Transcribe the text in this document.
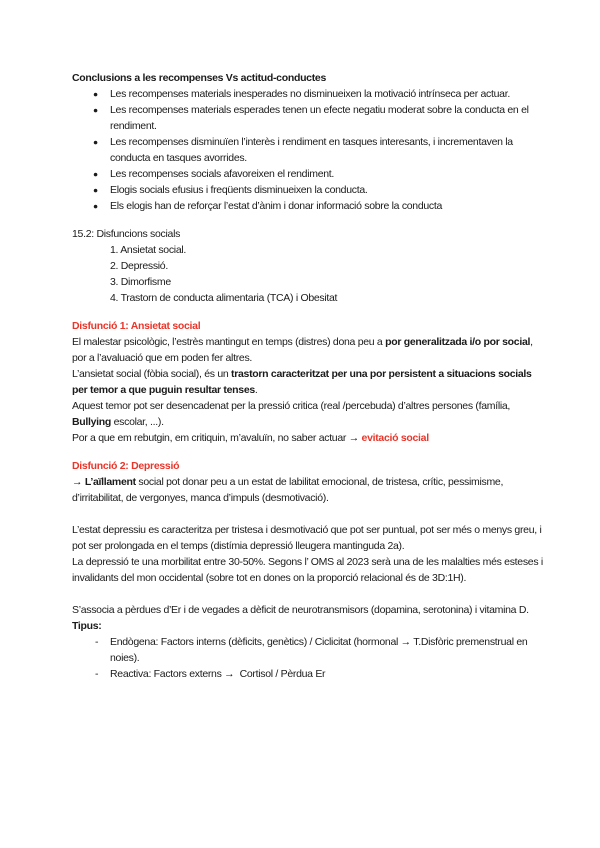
Conclusions a les recompenses Vs actitud-conductes
● Les recompenses materials inesperades no disminueixen la motivació intrínseca per actuar.
● Les recompenses materials esperades tenen un efecte negatiu moderat sobre la conducta en el rendiment.
● Les recompenses disminuïen l’interès i rendiment en tasques interesants, i incrementaven la conducta en tasques avorrides.
● Les recompenses socials afavoreixen el rendiment.
● Elogis socials efusius i freqüents disminueixen la conducta.
● Els elogis han de reforçar l’estat d’ànim i donar informació sobre la conducta

15.2: Disfuncions socials

1. Ansietat social.
2. Depressió.
3. Dimorfisme
4. Trastorn de conducta alimentaria (TCA) i Obesitat
Disfunció 1: Ansietat social

El malestar psicològic, l’estrès mantingut en temps (distres) dona peu a por generalitzada i/o por social, por a l’avaluació que em poden fer altres.

L’ansietat social (fòbia social), és un trastorn caracteritzat per una por persistent a situacions socials per temor a que puguin resultar tenses.

Aquest temor pot ser desencadenat per la pressió critica (real /percebuda) d’altres persones (família, Bullying escolar, ...).

Por a que em rebutgin, em critiquin, m’avaluïn, no saber actuar → evitació social

Disfunció 2: Depressió

→ L’aïllament social pot donar peu a un estat de labilitat emocional, de tristesa, crític, pessimisme, d’irritabilitat, de vergonyes, manca d’impuls (desmotivació).

L’estat depressiu es caracteritza per tristesa i desmotivació que pot ser puntual, pot ser més o menys greu, i pot ser prolongada en el temps (distímia depressió lleugera mantinguda 2a).

La depressió te una morbilitat entre 30-50%. Segons l’ OMS al 2023 serà una de les malalties més esteses i invalidants del mon occidental (sobre tot en dones on la proporció relacional és de 3D:1H).

S’associa a pèrdues d’Er i de vegades a dèficit de neurotransmisors (dopamina, serotonina) i vitamina D.

Tipus:

- Endògena: Factors interns (dèficits, genètics) / Ciclicitat (hormonal → T.Disfòric premenstrual en noies).
- Reactiva: Factors externs →  Cortisol / Pèrdua Er
